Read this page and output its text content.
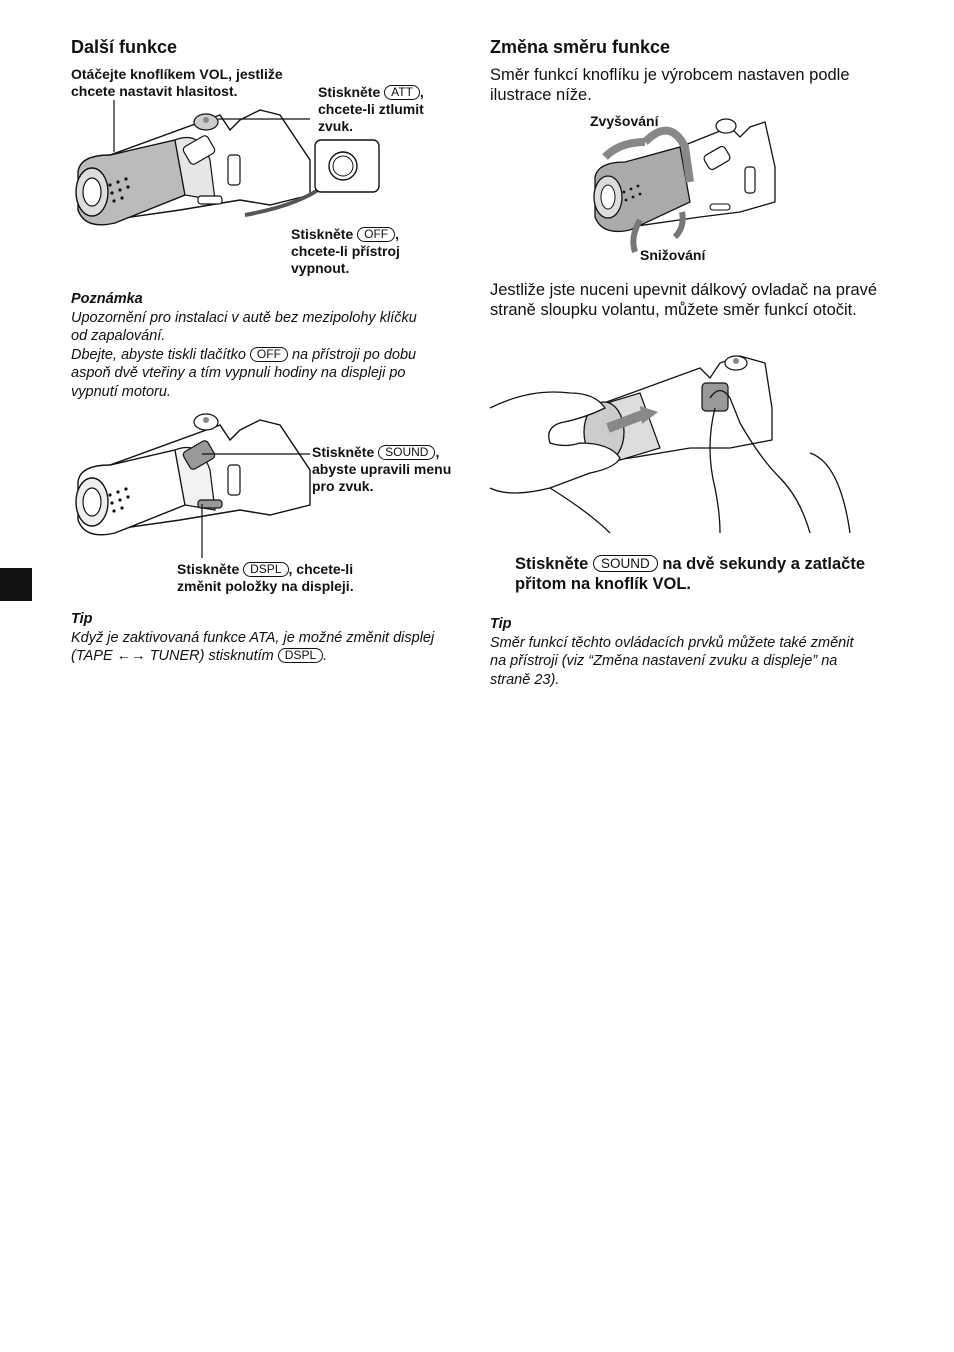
Další funkce
Otáčejte knoflíkem VOL, jestliže chcete nastavit hlasitost.	Stiskněte ATT , chcete-li ztlumit zvuk.
Stiskněte OFF , chcete-li přístroj vypnout.
Poznámka
Upozornění pro instalaci v autě bez mezipolohy klíčku od zapalování.
Dbejte, abyste tiskli tlačítko OFF na přístroji po dobu aspoň dvě vteřiny a tím vypnuli hodiny na displeji po vypnutí motoru.
Stiskněte SOUND , abyste upravili menu pro zvuk.
Stiskněte DSPL , chcete-li změnit položky na displeji.
Tip
Když je zaktivovaná funkce ATA, je možné změnit displej (TAPE ←→ TUNER) stisknutím DSPL .
Změna směru funkce
Směr funkcí knoflíku je výrobcem nastaven podle ilustrace níže.
Zvyšování
Snižování
Jestliže jste nuceni upevnit dálkový ovladač na pravé straně sloupku volantu, můžete směr funkcí otočit.
Stiskněte SOUND na dvě sekundy a zatlačte přitom na knoflík VOL.
Tip
Směr funkcí těchto ovládacích prvků můžete také změnit na přístroji (viz “Změna nastavení zvuku a displeje” na straně 23).
